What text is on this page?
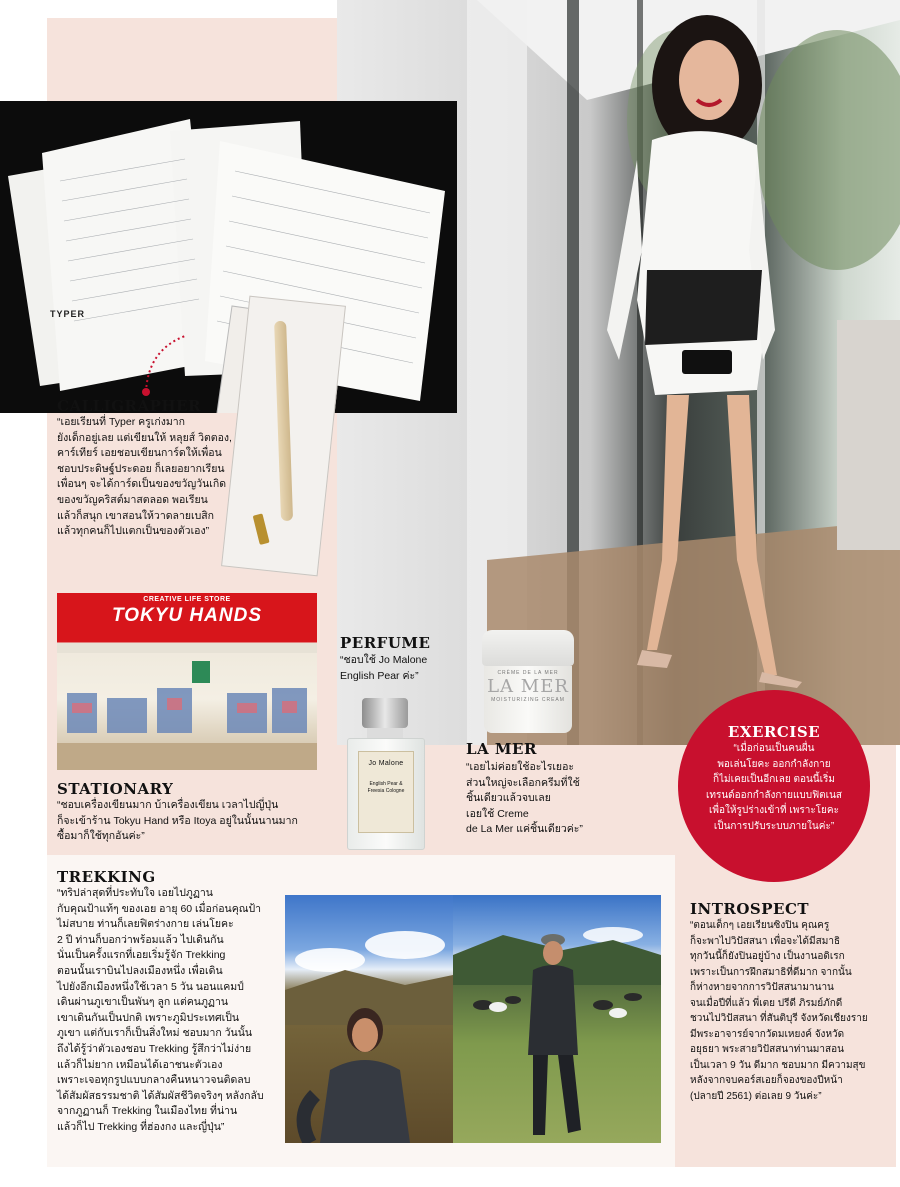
TYPER
CALLIGRAPHER
“เอยเรียนที่ Typer ครูเก่งมาก
ยังเด็กอยู่เลย แต่เขียนให้ หลุยส์ วิตตอง,
คาร์เทียร์ เอยชอบเขียนการ์ดให้เพื่อน
ชอบประดิษฐ์ประดอย ก็เลยอยากเรียน
เพื่อนๆ จะได้การ์ดเป็นของขวัญวันเกิด
ของขวัญคริสต์มาสตลอด พอเรียน
แล้วก็สนุก เขาสอนให้วาดลายเบสิก
แล้วทุกคนก็ไปแตกเป็นของตัวเอง”
CREATIVE LIFE STORE
TOKYU HANDS
STATIONARY
“ชอบเครื่องเขียนมาก บ้าเครื่องเขียน เวลาไปญี่ปุ่น
ก็จะเข้าร้าน Tokyu Hand หรือ Itoya อยู่ในนั้นนานมาก
ซื้อมาก็ใช้ทุกอันค่ะ”
PERFUME
“ชอบใช้ Jo Malone
English Pear ค่ะ”
Jo Malone
English Pear & Freesia Cologne
CRÈME DE LA MER
LA MER
MOISTURIZING CREAM
LA MER
“เอยไม่ค่อยใช้อะไรเยอะ
ส่วนใหญ่จะเลือกครีมที่ใช้
ชิ้นเดียวแล้วจบเลย
เอยใช้ Creme
de La Mer แค่ชิ้นเดียวค่ะ”
EXERCISE
“เมื่อก่อนเป็นคนผื่น
พอเล่นโยคะ ออกกำลังกาย
ก็ไม่เคยเป็นอีกเลย ตอนนี้เริ่ม
เทรนด์ออกกำลังกายแบบฟิตเนส
เพื่อให้รูปร่างเข้าที่ เพราะโยคะ
เป็นการปรับระบบภายในค่ะ”
TREKKING
“ทริปล่าสุดที่ประทับใจ เอยไปภูฏาน
กับคุณป้าแท้ๆ ของเอย อายุ 60 เมื่อก่อนคุณป้า
ไม่สบาย ท่านก็เลยฟิตร่างกาย เล่นโยคะ
2 ปี ท่านก็บอกว่าพร้อมแล้ว ไปเดินกัน
นั่นเป็นครั้งแรกที่เอยเริ่มรู้จัก Trekking
ตอนนั้นเราบินไปลงเมืองหนึ่ง เพื่อเดิน
ไปยังอีกเมืองหนึ่งใช้เวลา 5 วัน นอนแคมป์
เดินผ่านภูเขาเป็นพันๆ ลูก แต่คนภูฏาน
เขาเดินกันเป็นปกติ เพราะภูมิประเทศเป็น
ภูเขา แต่กับเราก็เป็นสิ่งใหม่ ชอบมาก วันนั้น
ถึงได้รู้ว่าตัวเองชอบ Trekking รู้สึกว่าไม่ง่าย
แล้วก็ไม่ยาก เหมือนได้เอาชนะตัวเอง
เพราะเจอทุกรูปแบบกลางคืนหนาวจนติดลบ
ได้สัมผัสธรรมชาติ ได้สัมผัสชีวิตจริงๆ หลังกลับ
จากภูฏานก็ Trekking ในเมืองไทย ที่น่าน
แล้วก็ไป Trekking ที่ฮ่องกง และญี่ปุ่น”
INTROSPECT
“ตอนเด็กๆ เอยเรียนซิงปิน คุณครู
ก็จะพาไปวิปัสสนา เพื่อจะได้มีสมาธิ
ทุกวันนี้ก็ยังปินอยู่บ้าง เป็นงานอดิเรก
เพราะเป็นการฝึกสมาธิที่ดีมาก จากนั้น
ก็ห่างหายจากการวิปัสสนามานาน
จนเมื่อปีที่แล้ว พี่เตย ปรีดี ภิรมย์ภักดี
ชวนไปวิปัสสนา ที่สันติบุรี จังหวัดเชียงราย
มีพระอาจารย์จากวัดมเหยงค์ จังหวัด
อยุธยา พระสายวิปัสสนาท่านมาสอน
เป็นเวลา 9 วัน ดีมาก ชอบมาก มีความสุข
หลังจากจบคอร์สเอยก็จองของปีหน้า
(ปลายปี 2561) ต่อเลย 9 วันค่ะ”
